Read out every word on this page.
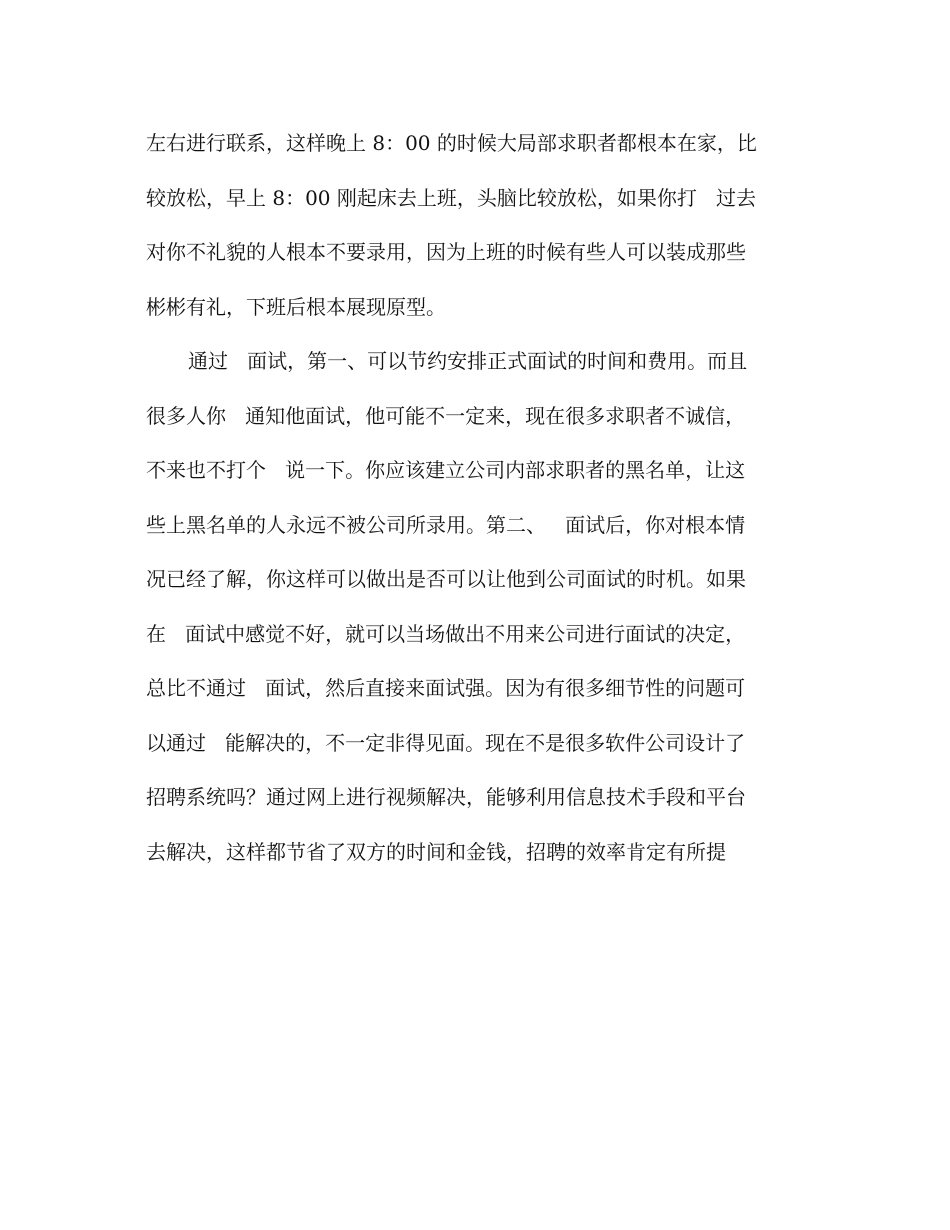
左右进行联系，这样晚上 8：00 的时候大局部求职者都根本在家，比
较放松，早上 8：00 刚起床去上班，头脑比较放松，如果你打   过去
对你不礼貌的人根本不要录用，因为上班的时候有些人可以装成那些
彬彬有礼，下班后根本展现原型。
通过   面试，第一、可以节约安排正式面试的时间和费用。而且
很多人你   通知他面试，他可能不一定来，现在很多求职者不诚信，
不来也不打个   说一下。你应该建立公司内部求职者的黑名单，让这
些上黑名单的人永远不被公司所录用。第二、   面试后，你对根本情
况已经了解，你这样可以做出是否可以让他到公司面试的时机。如果
在   面试中感觉不好，就可以当场做出不用来公司进行面试的决定，
总比不通过   面试，然后直接来面试强。因为有很多细节性的问题可
以通过   能解决的，不一定非得见面。现在不是很多软件公司设计了
招聘系统吗？通过网上进行视频解决，能够利用信息技术手段和平台
去解决，这样都节省了双方的时间和金钱，招聘的效率肯定有所提
